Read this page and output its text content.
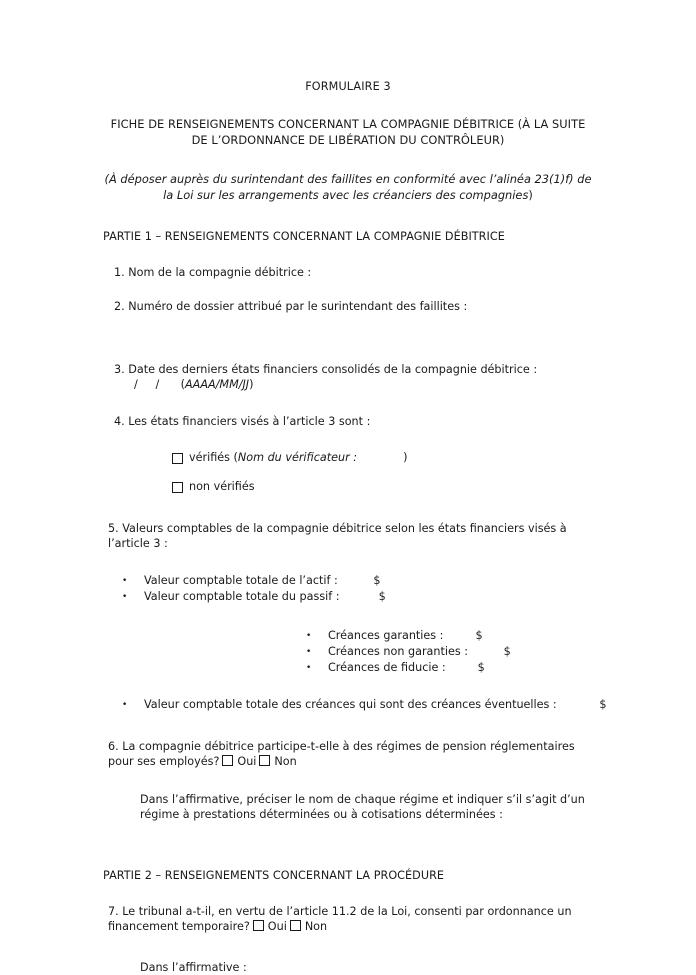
FORMULAIRE 3
FICHE DE RENSEIGNEMENTS CONCERNANT LA COMPAGNIE DÉBITRICE (À LA SUITE DE L’ORDONNANCE DE LIBÉRATION DU CONTRÔLEUR)
(À déposer auprès du surintendant des faillites en conformité avec l’alinéa 23(1)f) de la Loi sur les arrangements avec les créanciers des compagnies)
PARTIE 1 – RENSEIGNEMENTS CONCERNANT LA COMPAGNIE DÉBITRICE
1. Nom de la compagnie débitrice :
2. Numéro de dossier attribué par le surintendant des faillites :
3. Date des derniers états financiers consolidés de la compagnie débitrice :
/     /      (AAAA/MM/JJ)
4. Les états financiers visés à l’article 3 sont :
vérifiés ( Nom du vérificateur :	)
non vérifiés
5. Valeurs comptables de la compagnie débitrice selon les états financiers visés à l’article 3 :
•
Valeur comptable totale de l’actif : $
•
Valeur comptable totale du passif : $
•
Créances garanties : $
•
Créances non garanties : $
•
Créances de fiducie : $
•
Valeur comptable totale des créances qui sont des créances éventuelles : $
6. La compagnie débitrice participe-t-elle à des régimes de pension réglementaires pour ses employés? Oui Non
Dans l’affirmative, préciser le nom de chaque régime et indiquer s’il s’agit d’un régime à prestations déterminées ou à cotisations déterminées :
PARTIE 2 – RENSEIGNEMENTS CONCERNANT LA PROCÉDURE
7. Le tribunal a-t-il, en vertu de l’article 11.2 de la Loi, consenti par ordonnance un financement temporaire? Oui Non
Dans l’affirmative :
